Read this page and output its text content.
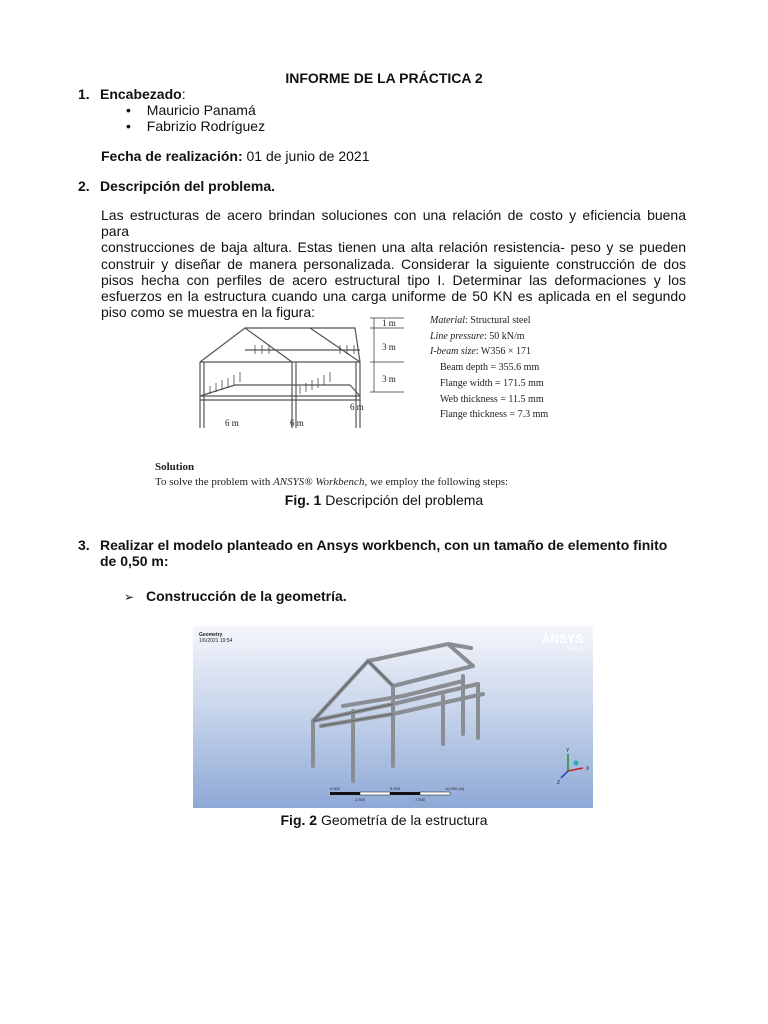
INFORME DE LA PRÁCTICA 2
1. Encabezado:
• Mauricio Panamá
• Fabrizio Rodríguez
Fecha de realización: 01 de junio de 2021
2. Descripción del problema.
Las estructuras de acero brindan soluciones con una relación de costo y eficiencia buena para
construcciones de baja altura. Estas tienen una alta relación resistencia- peso y se pueden
construir y diseñar de manera personalizada. Considerar la siguiente construcción de dos
pisos hecha con perfiles de acero estructural tipo I. Determinar las deformaciones y los
esfuerzos en la estructura cuando una carga uniforme de 50 KN es aplicada en el segundo
piso como se muestra en la figura:
1 m
3 m
3 m
6 m
6 m	6 m
Material: Structural steel
Line pressure: 50 kN/m
I-beam size: W356 × 171
Beam depth = 355.6 mm
Flange width = 171.5 mm
Web thickness = 11.5 mm
Flange thickness = 7.3 mm
Solution
To solve the problem with ANSYS® Workbench, we employ the following steps:
Fig. 1 Descripción del problema
3. Realizar el modelo planteado en Ansys workbench, con un tamaño de elemento finito
de 0,50 m:
➢ Construcción de la geometría.
Geometry
1/6/2021 19:54	ANSYS
R18.0
Y
Z
X
0,000	5,000	10,000 (m)
2,500	7,500
Fig. 2 Geometría de la estructura
